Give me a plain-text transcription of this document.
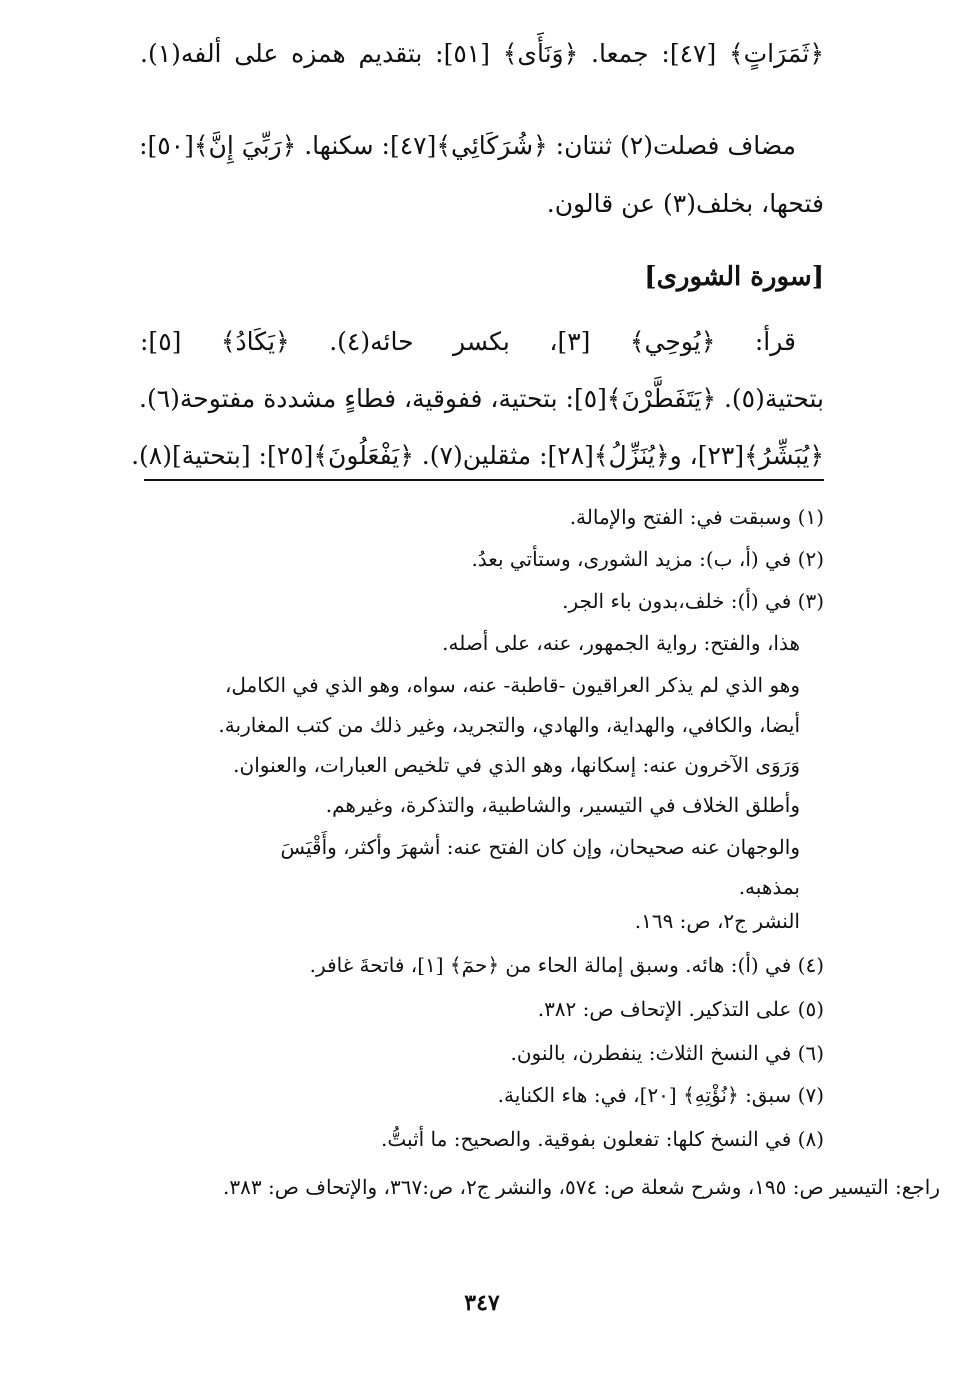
﴿ثَمَرَاتٍ﴾ [٤٧]: جمعا. ﴿وَنَأَى﴾ [٥١]: بتقديم همزه على ألفه(١).
مضاف فصلت(٢) ثنتان: ﴿شُرَكَائِي﴾[٤٧]: سكنها. ﴿رَبِّيَ إِنَّ﴾[٥٠]:
فتحها، بخلف(٣) عن قالون.
[سورة الشورى]
قرأ: ﴿يُوحِي﴾ [٣]، بكسر حائه(٤). ﴿يَكَادُ﴾ [٥]:
بتحتية(٥). ﴿يَتَفَطَّرْنَ﴾[٥]: بتحتية، ففوقية، فطاءٍ مشددة مفتوحة(٦).
﴿يُبَشِّرُ﴾[٢٣]، و﴿يُنَزِّلُ﴾[٢٨]: مثقلين(٧). ﴿يَفْعَلُونَ﴾[٢٥]: [بتحتية](٨).
(١) وسبقت في: الفتح والإمالة.
(٢) في (أ، ب): مزيد الشورى، وستأتي بعدُ.
(٣) في (أ): خلف،بدون باء الجر.
هذا، والفتح: رواية الجمهور، عنه، على أصله.
وهو الذي لم يذكر العراقيون -قاطبة- عنه، سواه، وهو الذي في الكامل،
أيضا، والكافي، والهداية، والهادي، والتجريد، وغير ذلك من كتب المغاربة.
وَرَوَى الآخرون عنه: إسكانها، وهو الذي في تلخيص العبارات، والعنوان.
وأطلق الخلاف في التيسير، والشاطبية، والتذكرة، وغيرهم.
والوجهان عنه صحيحان، وإن كان الفتح عنه: أشهرَ وأكثر، وأَقْيَسَ
بمذهبه.
النشر ج٢، ص: ١٦٩.
(٤) في (أ): هائه. وسبق إمالة الحاء من ﴿حمٓ﴾ [١]، فاتحةَ غافر.
(٥) على التذكير. الإتحاف ص: ٣٨٢.
(٦) في النسخ الثلاث: ينفطرن، بالنون.
(٧) سبق: ﴿نُؤْتِهِ﴾ [٢٠]، في: هاء الكناية.
(٨) في النسخ كلها: تفعلون بفوقية. والصحيح: ما أثبتُّ.
راجع: التيسير ص: ١٩٥، وشرح شعلة ص: ٥٧٤، والنشر ج٢، ص:٣٦٧، والإتحاف ص: ٣٨٣.
٣٤٧
